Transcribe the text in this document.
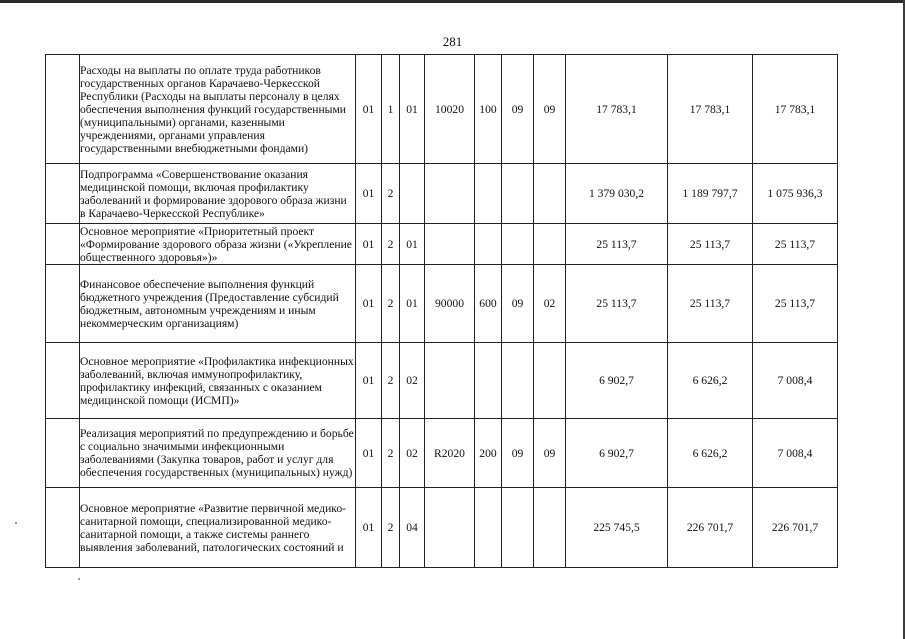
281
	Расходы на выплаты по оплате труда работников государственных органов Карачаево-Черкесской Республики (Расходы на выплаты персоналу в целях обеспечения выполнения функций государственными (муниципальными) органами, казенными учреждениями, органами управления государственными внебюджетными фондами)	01	1	01	10020	100	09	09	17 783,1	17 783,1	17 783,1
	Подпрограмма «Совершенствование оказания медицинской помощи, включая профилактику заболеваний и формирование здорового образа жизни в Карачаево-Черкесской Республике»	01	2						1 379 030,2	1 189 797,7	1 075 936,3
	Основное мероприятие «Приоритетный проект «Формирование здорового образа жизни («Укрепление общественного здоровья»)»	01	2	01					25 113,7	25 113,7	25 113,7
	Финансовое обеспечение выполнения функций бюджетного учреждения (Предоставление субсидий бюджетным, автономным учреждениям и иным некоммерческим организациям)	01	2	01	90000	600	09	02	25 113,7	25 113,7	25 113,7
	Основное мероприятие «Профилактика инфекционных заболеваний, включая иммунопрофилактику, профилактику инфекций, связанных с оказанием медицинской помощи (ИСМП)»	01	2	02					6 902,7	6 626,2	7 008,4
	Реализация мероприятий по предупреждению и борьбе с социально значимыми инфекционными заболеваниями (Закупка товаров, работ и услуг для обеспечения государственных (муниципальных) нужд)	01	2	02	R2020	200	09	09	6 902,7	6 626,2	7 008,4
	Основное мероприятие «Развитие первичной медико-санитарной помощи, специализированной медико-санитарной помощи, а также системы раннего выявления заболеваний, патологических состояний и	01	2	04					225 745,5	226 701,7	226 701,7
